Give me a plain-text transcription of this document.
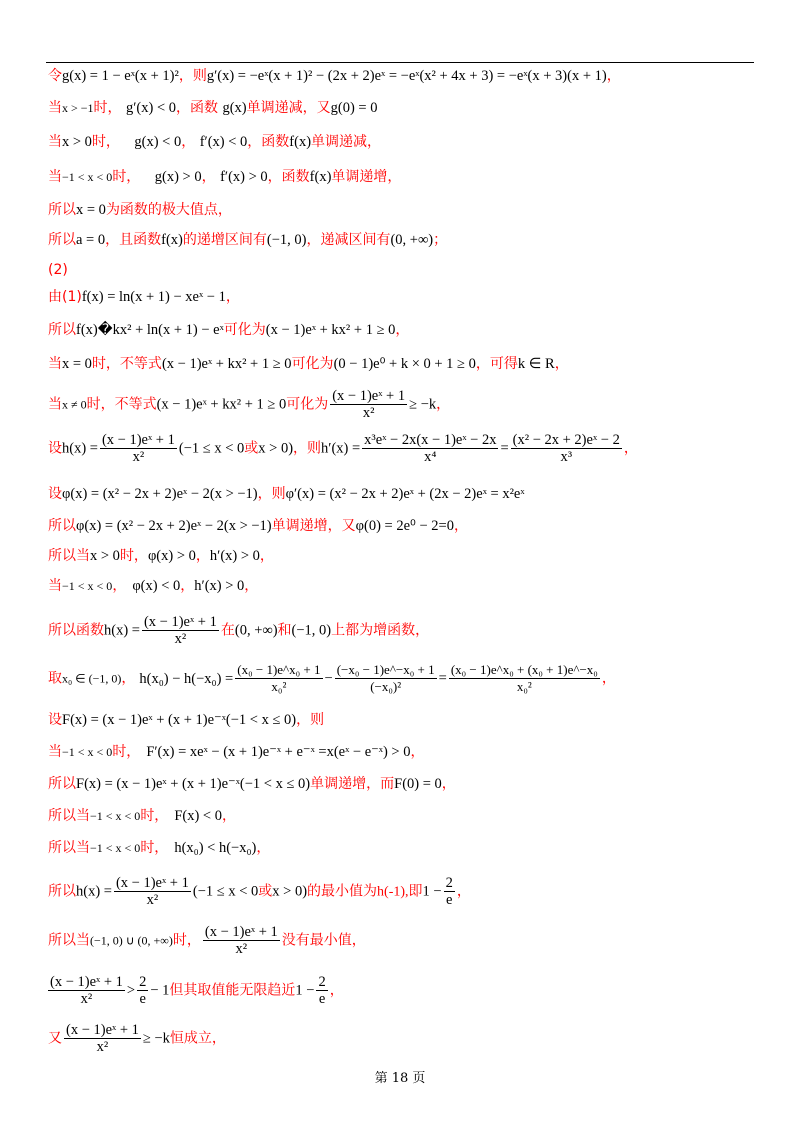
令g(x) = 1 − eˣ(x + 1)²，则g′(x) = −eˣ(x + 1)² − (2x + 2)eˣ = −eˣ(x² + 4x + 3) = −eˣ(x + 3)(x + 1)，
当x > −1时， g′(x) < 0，函数 g(x)单调递减，又g(0) = 0
当x > 0时， g(x) < 0， f′(x) < 0，函数f(x)单调递减，
当−1 < x < 0时， g(x) > 0， f′(x) > 0，函数f(x)单调递增，
所以x = 0为函数的极大值点，
所以a = 0，且函数f(x)的递增区间有(−1, 0)，递减区间有(0, +∞)；
(2)
由(1)f(x) = ln(x + 1) − xeˣ − 1，
所以f(x)�kx² + ln(x + 1) − eˣ可化为(x − 1)eˣ + kx² + 1 ≥ 0，
当x = 0时，不等式(x − 1)eˣ + kx² + 1 ≥ 0可化为(0 − 1)e⁰ + k × 0 + 1 ≥ 0，可得k ∈ R，
当x ≠ 0时，不等式(x − 1)eˣ + kx² + 1 ≥ 0可化为 $\frac{\text{(x − 1)eˣ + 1}}{\text{x²}} \ge -k$，
设$h(x) = \frac{\text{(x − 1)eˣ + 1}}{\text{x²}} (-1 \le x < 0$或x > 0)，则$h'(x) = \frac{\text{x³eˣ − 2x(x − 1)eˣ − 2x}}{\text{x⁴}} = \frac{\text{(x² − 2x + 2)eˣ − 2}}{\text{x³}}$ ，
设φ(x) = (x² − 2x + 2)eˣ − 2(x > −1)，则φ′(x) = (x² − 2x + 2)eˣ + (2x − 2)eˣ = x²eˣ
所以φ(x) = (x² − 2x + 2)eˣ − 2(x > −1)单调递增，又φ(0) = 2e⁰ − 2=0，
所以当x > 0时，φ(x) > 0，h′(x) > 0，
当−1 < x < 0， φ(x) < 0，h′(x) > 0，
所以函数$h(x) = \frac{\text{(x − 1)eˣ + 1}}{\text{x²}}$ 在(0, +∞)和(−1, 0)上都为增函数，
取x₀ ∈ (−1, 0)， $h(x_0) - h(-x_0) = \frac{\text{(x₀ − 1)e\textasciicircum{}x₀ + 1}}{\text{x₀²}} - \frac{\text{(−x₀ − 1)e\textasciicircum{}−x₀ + 1}}{\text{(−x₀)²}} = \frac{\text{(x₀ − 1)e\textasciicircum{}x₀ + (x₀ + 1)e\textasciicircum{}−x₀}}{\text{x₀²}}$ ，
设F(x) = (x − 1)eˣ + (x + 1)e⁻ˣ(−1 < x ≤ 0)，则
当−1 < x < 0时， F′(x) = xeˣ − (x + 1)e⁻ˣ + e⁻ˣ =x(eˣ − e⁻ˣ) > 0，
所以F(x) = (x − 1)eˣ + (x + 1)e⁻ˣ(−1 < x ≤ 0)单调递增，而F(0) = 0，
所以当−1 < x < 0时， F(x) < 0，
所以当−1 < x < 0时， h(x₀) < h(−x₀)，
所以$h(x) = \frac{\text{(x − 1)eˣ + 1}}{\text{x²}} (-1 \le x < 0$或x > 0)的最小值为h(-1),即$1 - \frac{2}{e}$ ，
所以当(−1, 0) ∪ (0, +∞)时， $\frac{\text{(x − 1)eˣ + 1}}{\text{x²}}$ 没有最小值，
$\frac{\text{(x − 1)eˣ + 1}}{\text{x²}} > \frac{2}{e} - 1$但其取值能无限趋近$1 - \frac{2}{e}$ ，
又 $\frac{\text{(x − 1)eˣ + 1}}{\text{x²}} \ge -k$恒成立，
第 18 页
